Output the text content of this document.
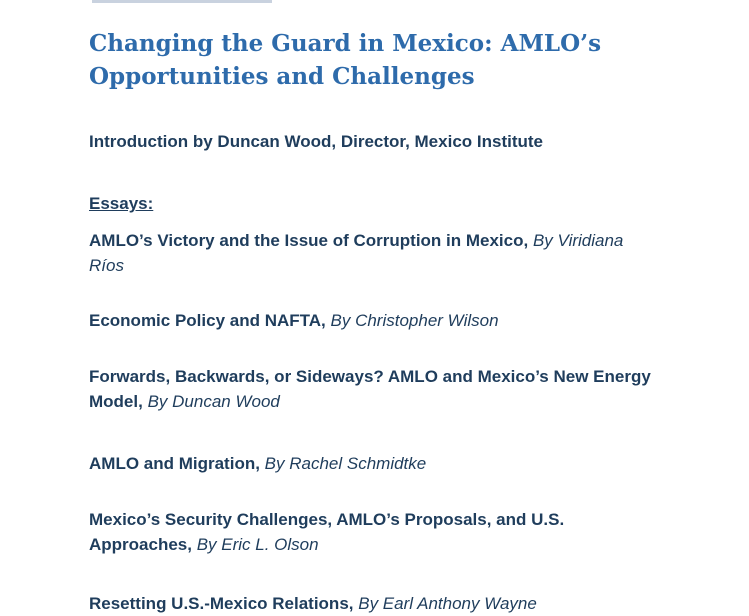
Changing the Guard in Mexico: AMLO’s
Opportunities and Challenges

Introduction by Duncan Wood, Director, Mexico Institute

Essays:

AMLO’s Victory and the Issue of Corruption in Mexico, By Viridiana

Ríos

Economic Policy and NAFTA, By Christopher Wilson

Forwards, Backwards, or Sideways? AMLO and Mexico’s New Energy

Model, By Duncan Wood

AMLO and Migration, By Rachel Schmidtke

Mexico’s Security Challenges, AMLO’s Proposals, and U.S.

Approaches, By Eric L. Olson

Resetting U.S.-Mexico Relations, By Earl Anthony Wayne
